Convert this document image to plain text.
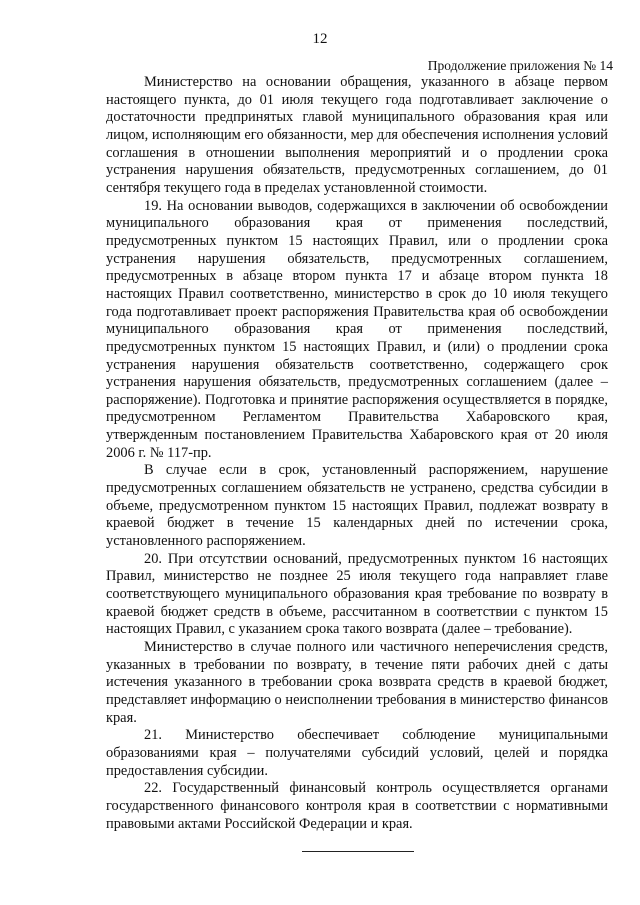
12
Продолжение приложения № 14

Министерство на основании обращения, указанного в абзаце первом настоящего пункта, до 01 июля текущего года подготавливает заключение о достаточности предпринятых главой муниципального образования края или лицом, исполняющим его обязанности, мер для обеспечения исполнения условий соглашения в отношении выполнения мероприятий и о продлении срока устранения нарушения обязательств, предусмотренных соглашением, до 01 сентября текущего года в пределах установленной стоимости.

19. На основании выводов, содержащихся в заключении об освобождении муниципального образования края от применения последствий, предусмотренных пунктом 15 настоящих Правил, или о продлении срока устранения нарушения обязательств, предусмотренных соглашением, предусмотренных в абзаце втором пункта 17 и абзаце втором пункта 18 настоящих Правил соответственно, министерство в срок до 10 июля текущего года подготавливает проект распоряжения Правительства края об освобождении муниципального образования края от применения последствий, предусмотренных пунктом 15 настоящих Правил, и (или) о продлении срока устранения нарушения обязательств соответственно, содержащего срок устранения нарушения обязательств, предусмотренных соглашением (далее – распоряжение). Подготовка и принятие распоряжения осуществляется в порядке, предусмотренном Регламентом Правительства Хабаровского края, утвержденным постановлением Правительства Хабаровского края от 20 июля 2006 г. № 117-пр.

В случае если в срок, установленный распоряжением, нарушение предусмотренных соглашением обязательств не устранено, средства субсидии в объеме, предусмотренном пунктом 15 настоящих Правил, подлежат возврату в краевой бюджет в течение 15 календарных дней по истечении срока, установленного распоряжением.

20. При отсутствии оснований, предусмотренных пунктом 16 настоящих Правил, министерство не позднее 25 июля текущего года направляет главе соответствующего муниципального образования края требование по возврату в краевой бюджет средств в объеме, рассчитанном в соответствии с пунктом 15 настоящих Правил, с указанием срока такого возврата (далее – требование).

Министерство в случае полного или частичного неперечисления средств, указанных в требовании по возврату, в течение пяти рабочих дней с даты истечения указанного в требовании срока возврата средств в краевой бюджет, представляет информацию о неисполнении требования в министерство финансов края.

21. Министерство обеспечивает соблюдение муниципальными образованиями края – получателями субсидий условий, целей и порядка предоставления субсидии.

22. Государственный финансовый контроль осуществляется органами государственного финансового контроля края в соответствии с нормативными правовыми актами Российской Федерации и края.
